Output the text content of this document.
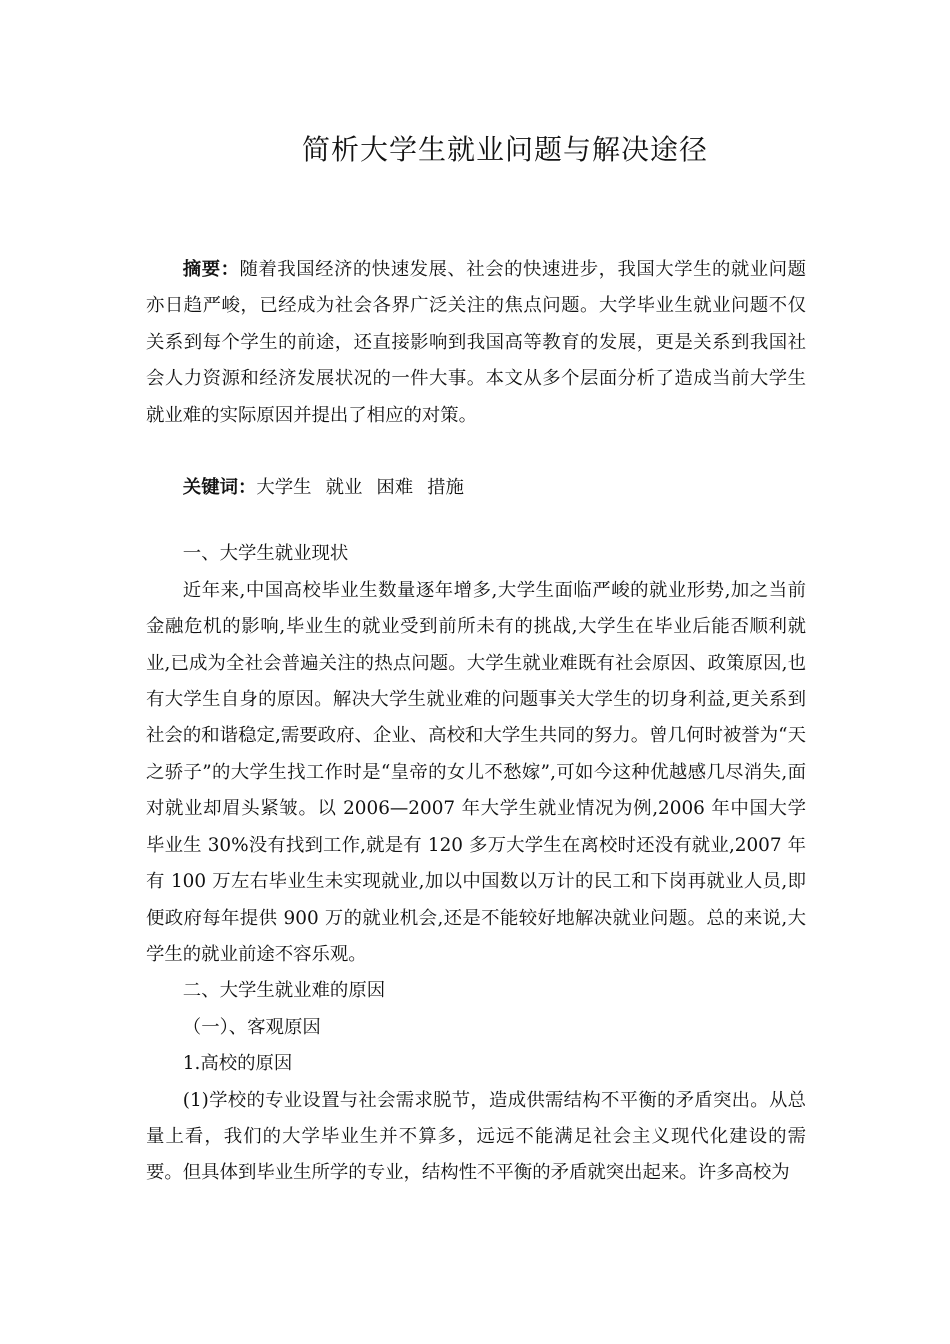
简析大学生就业问题与解决途径

摘要：随着我国经济的快速发展、社会的快速进步，我国大学生的就业问题亦日趋严峻，已经成为社会各界广泛关注的焦点问题。大学毕业生就业问题不仅关系到每个学生的前途，还直接影响到我国高等教育的发展，更是关系到我国社会人力资源和经济发展状况的一件大事。本文从多个层面分析了造成当前大学生就业难的实际原因并提出了相应的对策。

关键词：大学生 就业 困难 措施

一、大学生就业现状

近年来,中国高校毕业生数量逐年增多,大学生面临严峻的就业形势,加之当前金融危机的影响,毕业生的就业受到前所未有的挑战,大学生在毕业后能否顺利就业,已成为全社会普遍关注的热点问题。大学生就业难既有社会原因、政策原因,也有大学生自身的原因。解决大学生就业难的问题事关大学生的切身利益,更关系到社会的和谐稳定,需要政府、企业、高校和大学生共同的努力。曾几何时被誉为“天之骄子”的大学生找工作时是“皇帝的女儿不愁嫁”,可如今这种优越感几尽消失,面对就业却眉头紧皱。以 2006—2007 年大学生就业情况为例,2006 年中国大学毕业生 30%没有找到工作,就是有 120 多万大学生在离校时还没有就业,2007 年有 100 万左右毕业生未实现就业,加以中国数以万计的民工和下岗再就业人员,即便政府每年提供 900 万的就业机会,还是不能较好地解决就业问题。总的来说,大学生的就业前途不容乐观。

二、大学生就业难的原因

（一）、客观原因

1.高校的原因

(1)学校的专业设置与社会需求脱节，造成供需结构不平衡的矛盾突出。从总量上看，我们的大学毕业生并不算多，远远不能满足社会主义现代化建设的需要。但具体到毕业生所学的专业，结构性不平衡的矛盾就突出起来。许多高校为
